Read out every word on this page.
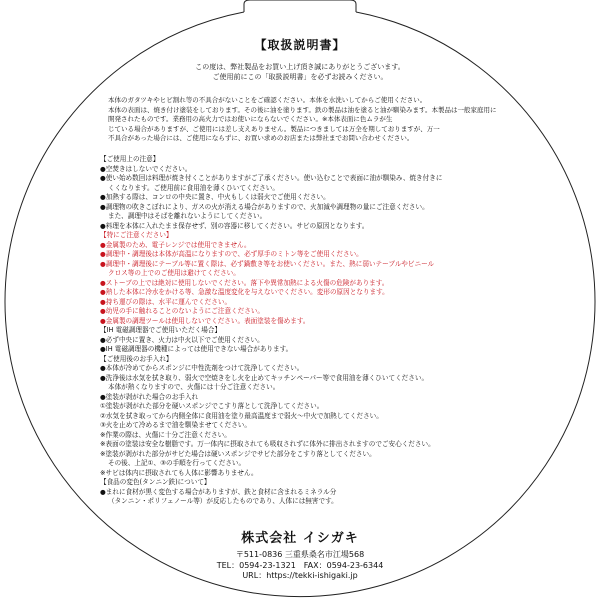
【取扱説明書】
この度は、弊社製品をお買い上げ頂き誠にありがとうございます。
ご使用前にこの「取扱説明書」を必ずお読みください。
本体のガタツキやヒビ割れ等の不具合がないことをご確認ください。本体を水洗いしてからご使用ください。
本体の表面は、焼き付け塗装をしております。その後に油を塗ります。鉄の製品は油を塗ると油が馴染みます。本製品は一般家庭用に
開発されたものです。業務用の高火力ではお使いにならないでください。※本体表面に色ムラが生
じている場合がありますが、ご使用には差し支えありません。製品につきましては万全を期しておりますが、万一
不具合があった場合には、ご使用にならずに、お買い求めのお店または弊社までお問い合わせください。
【ご使用上の注意】
●空焚きはしないでください。
●使い始め数回は料理が焼き付くことがありますがご了承ください。使い込むことで表面に油が馴染み、焼き付きに
くくなります。ご使用前に食用油を薄くひいてください。
●加熱する際は、コンロの中央に置き、中火もしくは弱火でご使用ください。
●調理物の吹きこぼれにより、ガスの火が消える場合がありますので、火加減や調理物の量にご注意ください。
また、調理中はそばを離れないようにしてください。
●料理を本体に入れたまま保存せず、別の容器に移してください。サビの原因となります。
【特にご注意ください】
●金属製のため、電子レンジでは使用できません。
●調理中・調理後は本体が高温になりますので、必ず厚手のミトン等をご使用ください。
●調理中・調理後にテーブル等に置く際は、必ず鍋敷き等をお使いください。また、熱に弱いテーブルやビニール
クロス等の上でのご使用は避けてください。
●ストーブの上では絶対に使用しないでください。落下や異常加熱による火傷の危険があります。
●熱した本体に冷水をかける等、急激な温度変化を与えないでください。変形の原因となります。
●持ち運びの際は、水平に運んでください。
●幼児の手に触れることのないようにご注意ください。
●金属製の調理ツールは使用しないでください。表面塗装を傷めます。
【IH 電磁調理器でご使用いただく場合】
●必ず中央に置き、火力は中火以下でご使用ください。
●IH 電磁調理器の機種によっては使用できない場合があります。
【ご使用後のお手入れ】
●本体が冷めてからスポンジに中性洗剤をつけて洗浄してください。
●洗浄後は水気を拭き取り、弱火で空焼きをし火を止めてキッチンペーパー等で食用油を薄くひいてください。
本体が熱くなりますので、火傷には十分ご注意ください。
●塗装が剥がれた場合のお手入れ
①塗装が剥がれた部分を硬いスポンジでこすり落として洗浄してください。
②水気を拭き取ってから内側全体に食用油を塗り最高温度まで弱火～中火で加熱してください。
③火を止めて冷めるまで油を馴染ませてください。
※作業の際は、火傷に十分ご注意ください。
※表面の塗装は安全な樹脂です。万一体内に摂取されても吸収されずに体外に排出されますのでご安心ください。
※塗装が剥がれた部分がサビた場合は硬いスポンジでサビた部分をこすり落としてください。
その後、上記①、③の手順を行ってください。
※サビは体内に摂取されても人体に影響ありません。
【食品の変色(タンニン鉄)について】
●まれに食材が黒く変色する場合がありますが、鉄と食材に含まれるミネラル分
（タンニン・ポリフェノール等）が反応したものであり、人体には無害です。
株式会社 イシガキ
〒511-0836 三重県桑名市江場568
TEL：0594-23-1321　FAX：0594-23-6344
URL：https://tekki-ishigaki.jp
